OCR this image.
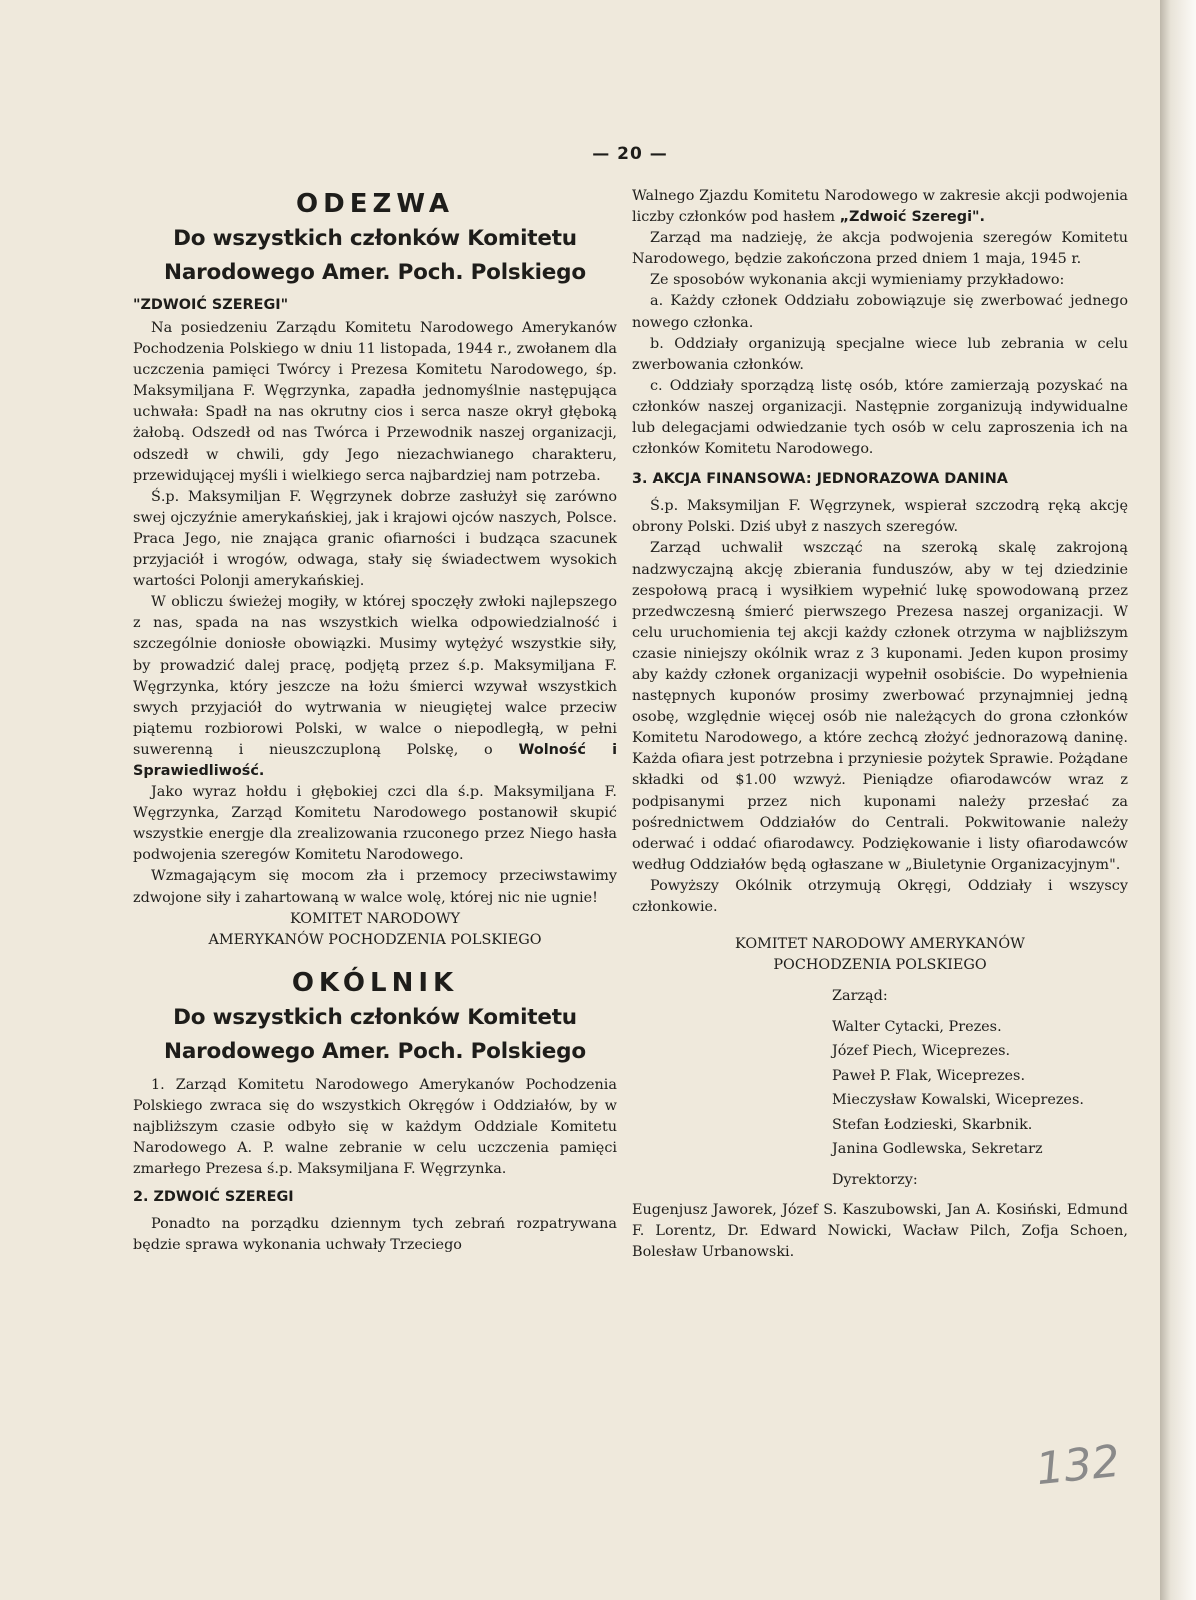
— 20 —
ODEZWA
Do wszystkich członków Komitetu
Narodowego Amer. Poch. Polskiego
"ZDWOIĆ SZEREGI"

Na posiedzeniu Zarządu Komitetu Narodowego Amerykanów Pochodzenia Polskiego w dniu 11 listopada, 1944 r., zwołanem dla uczczenia pamięci Twórcy i Prezesa Komitetu Narodowego, śp. Maksymiljana F. Węgrzynka, zapadła jednomyślnie następująca uchwała: Spadł na nas okrutny cios i serca nasze okrył głęboką żałobą. Odszedł od nas Twórca i Przewodnik naszej organizacji, odszedł w chwili, gdy Jego niezachwianego charakteru, przewidującej myśli i wielkiego serca najbardziej nam potrzeba.

Ś.p. Maksymiljan F. Węgrzynek dobrze zasłużył się zarówno swej ojczyźnie amerykańskiej, jak i krajowi ojców naszych, Polsce. Praca Jego, nie znająca granic ofiarności i budząca szacunek przyjaciół i wrogów, odwaga, stały się świadectwem wysokich wartości Polonji amerykańskiej.

W obliczu świeżej mogiły, w której spoczęły zwłoki najlepszego z nas, spada na nas wszystkich wielka odpowiedzialność i szczególnie doniosłe obowiązki. Musimy wytężyć wszystkie siły, by prowadzić dalej pracę, podjętą przez ś.p. Maksymiljana F. Węgrzynka, który jeszcze na łożu śmierci wzywał wszystkich swych przyjaciół do wytrwania w nieugiętej walce przeciw piątemu rozbiorowi Polski, w walce o niepodległą, w pełni suwerenną i nieuszczuploną Polskę, o Wolność i Sprawiedliwość.

Jako wyraz hołdu i głębokiej czci dla ś.p. Maksymiljana F. Węgrzynka, Zarząd Komitetu Narodowego postanowił skupić wszystkie energje dla zrealizowania rzuconego przez Niego hasła podwojenia szeregów Komitetu Narodowego.

Wzmagającym się mocom zła i przemocy przeciwstawimy zdwojone siły i zahartowaną w walce wolę, której nic nie ugnie!

KOMITET NARODOWY
AMERYKANÓW POCHODZENIA POLSKIEGO
OKÓLNIK
Do wszystkich członków Komitetu
Narodowego Amer. Poch. Polskiego

1. Zarząd Komitetu Narodowego Amerykanów Pochodzenia Polskiego zwraca się do wszystkich Okręgów i Oddziałów, by w najbliższym czasie odbyło się w każdym Oddziale Komitetu Narodowego A. P. walne zebranie w celu uczczenia pamięci zmarłego Prezesa ś.p. Maksymiljana F. Węgrzynka.

2. ZDWOIĆ SZEREGI

Ponadto na porządku dziennym tych zebrań rozpatrywana będzie sprawa wykonania uchwały Trzeciego

Walnego Zjazdu Komitetu Narodowego w zakresie akcji podwojenia liczby członków pod hasłem „Zdwoić Szeregi".

Zarząd ma nadzieję, że akcja podwojenia szeregów Komitetu Narodowego, będzie zakończona przed dniem 1 maja, 1945 r.

Ze sposobów wykonania akcji wymieniamy przykładowo:

a. Każdy członek Oddziału zobowiązuje się zwerbować jednego nowego członka.

b. Oddziały organizują specjalne wiece lub zebrania w celu zwerbowania członków.

c. Oddziały sporządzą listę osób, które zamierzają pozyskać na członków naszej organizacji. Następnie zorganizują indywidualne lub delegacjami odwiedzanie tych osób w celu zaproszenia ich na członków Komitetu Narodowego.

3. AKCJA FINANSOWA: JEDNORAZOWA DANINA

Ś.p. Maksymiljan F. Węgrzynek, wspierał szczodrą ręką akcję obrony Polski. Dziś ubył z naszych szeregów.

Zarząd uchwalił wszcząć na szeroką skalę zakrojoną nadzwyczajną akcję zbierania funduszów, aby w tej dziedzinie zespołową pracą i wysiłkiem wypełnić lukę spowodowaną przez przedwczesną śmierć pierwszego Prezesa naszej organizacji. W celu uruchomienia tej akcji każdy członek otrzyma w najbliższym czasie niniejszy okólnik wraz z 3 kuponami. Jeden kupon prosimy aby każdy członek organizacji wypełnił osobiście. Do wypełnienia następnych kuponów prosimy zwerbować przynajmniej jedną osobę, względnie więcej osób nie należących do grona członków Komitetu Narodowego, a które zechcą złożyć jednorazową daninę. Każda ofiara jest potrzebna i przyniesie pożytek Sprawie. Pożądane składki od $1.00 wzwyż. Pieniądze ofiarodawców wraz z podpisanymi przez nich kuponami należy przesłać za pośrednictwem Oddziałów do Centrali. Pokwitowanie należy oderwać i oddać ofiarodawcy. Podziękowanie i listy ofiarodawców według Oddziałów będą ogłaszane w „Biuletynie Organizacyjnym".

Powyższy Okólnik otrzymują Okręgi, Oddziały i wszyscy członkowie.

KOMITET NARODOWY AMERYKANÓW
POCHODZENIA POLSKIEGO
Zarząd:
Walter Cytacki, Prezes.
Józef Piech, Wiceprezes.
Paweł P. Flak, Wiceprezes.
Mieczysław Kowalski, Wiceprezes.
Stefan Łodzieski, Skarbnik.
Janina Godlewska, Sekretarz
Dyrektorzy:
Eugenjusz Jaworek, Józef S. Kaszubowski, Jan A. Kosiński, Edmund F. Lorentz, Dr. Edward Nowicki, Wacław Pilch, Zofja Schoen, Bolesław Urbanowski.
132
